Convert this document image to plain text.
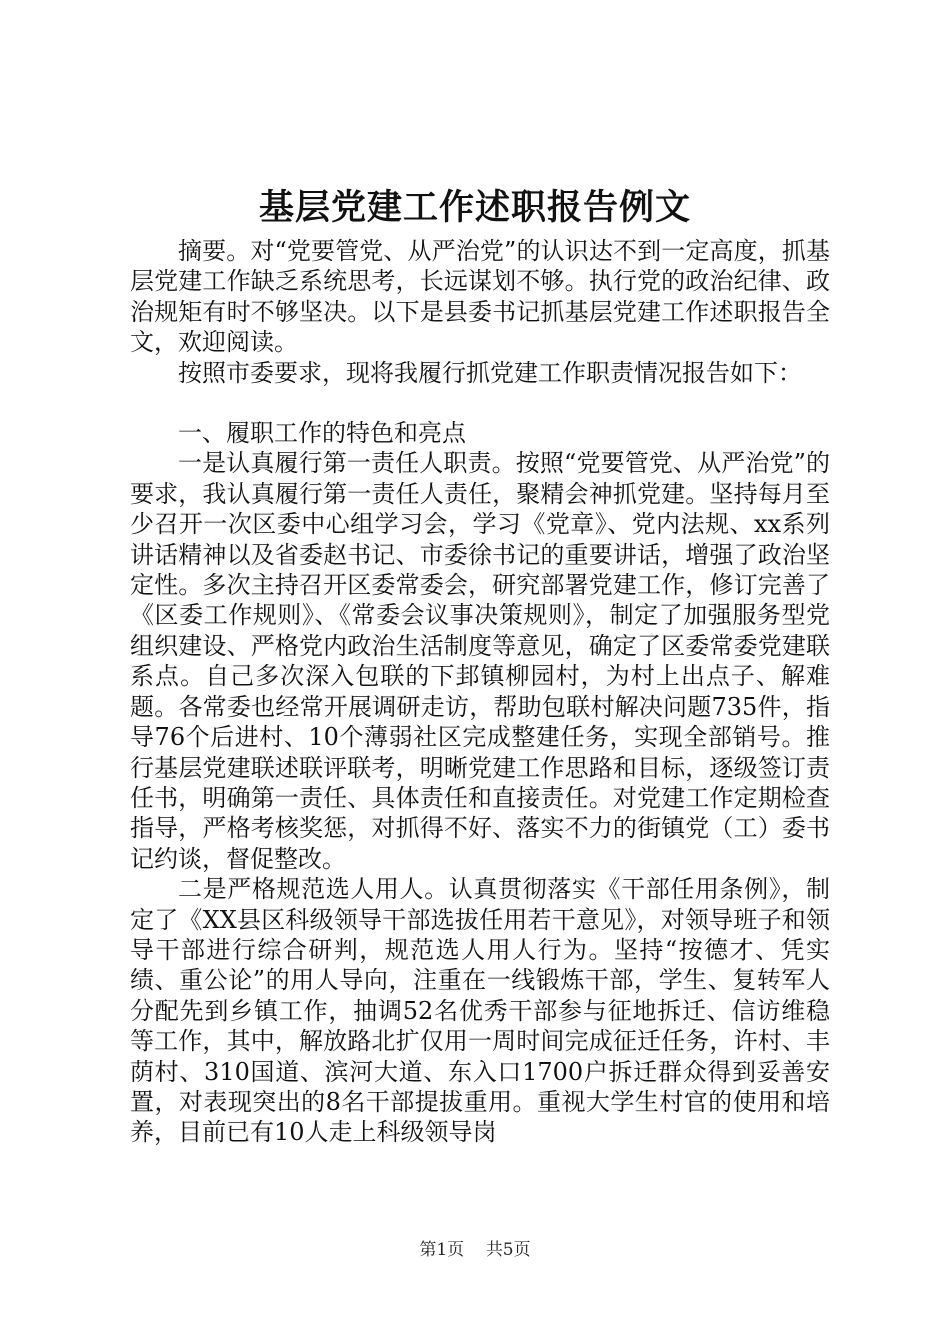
基层党建工作述职报告例文

摘要。对“党要管党、从严治党”的认识达不到一定高度，抓基层党建工作缺乏系统思考，长远谋划不够。执行党的政治纪律、政治规矩有时不够坚决。以下是县委书记抓基层党建工作述职报告全文，欢迎阅读。

按照市委要求，现将我履行抓党建工作职责情况报告如下：

一、履职工作的特色和亮点

一是认真履行第一责任人职责。按照“党要管党、从严治党”的要求，我认真履行第一责任人责任，聚精会神抓党建。坚持每月至少召开一次区委中心组学习会，学习《党章》、党内法规、xx系列讲话精神以及省委赵书记、市委徐书记的重要讲话，增强了政治坚定性。多次主持召开区委常委会，研究部署党建工作，修订完善了《区委工作规则》、《常委会议事决策规则》，制定了加强服务型党组织建设、严格党内政治生活制度等意见，确定了区委常委党建联系点。自己多次深入包联的下邽镇柳园村，为村上出点子、解难题。各常委也经常开展调研走访，帮助包联村解决问题735件，指导76个后进村、10个薄弱社区完成整建任务，实现全部销号。推行基层党建联述联评联考，明晰党建工作思路和目标，逐级签订责任书，明确第一责任、具体责任和直接责任。对党建工作定期检查指导，严格考核奖惩，对抓得不好、落实不力的街镇党（工）委书记约谈，督促整改。

二是严格规范选人用人。认真贯彻落实《干部任用条例》，制定了《XX县区科级领导干部选拔任用若干意见》，对领导班子和领导干部进行综合研判，规范选人用人行为。坚持“按德才、凭实绩、重公论”的用人导向，注重在一线锻炼干部，学生、复转军人分配先到乡镇工作，抽调52名优秀干部参与征地拆迁、信访维稳等工作，其中，解放路北扩仅用一周时间完成征迁任务，许村、丰荫村、310国道、滨河大道、东入口1700户拆迁群众得到妥善安置，对表现突出的8名干部提拔重用。重视大学生村官的使用和培养，目前已有10人走上科级领导岗

第1页 共5页
